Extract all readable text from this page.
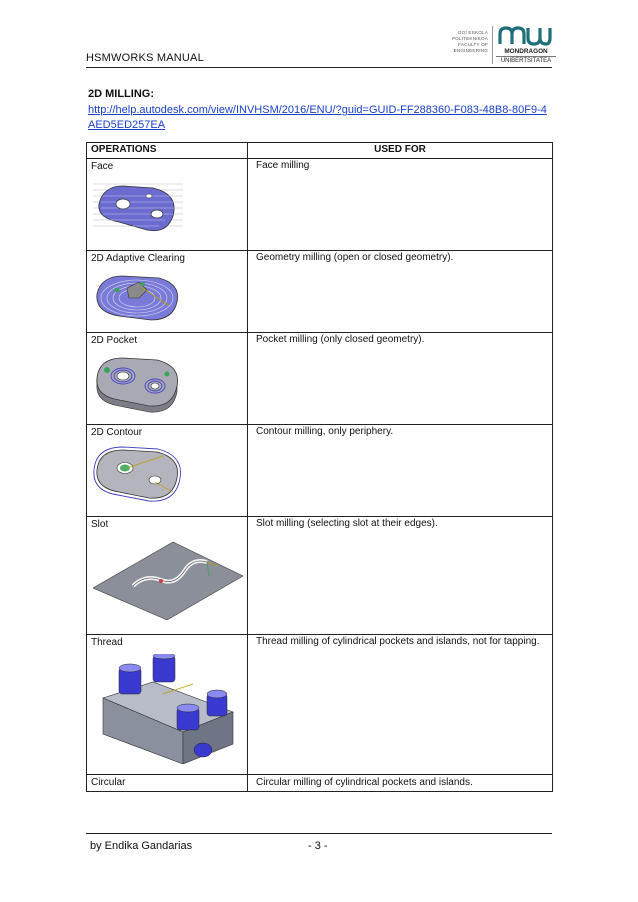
HSMWORKS MANUAL
GOI ESKOLA
POLITEKNIKOA
FACULTY OF
ENGINEERING	MONDRAGON
UNIBERTSITATEA
2D MILLING:
http://help.autodesk.com/view/INVHSM/2016/ENU/?guid=GUID-FF288360-F083-48B8-80F9-4AED5ED257EA
OPERATIONS	USED FOR

Face	Face milling

2D Adaptive Clearing	Geometry milling (open or closed geometry).

2D Pocket	Pocket milling (only closed geometry).

2D Contour	Contour milling, only periphery.

Slot	Slot milling (selecting slot at their edges).

Thread	Thread milling of cylindrical pockets and islands, not for tapping.

Circular	Circular milling of cylindrical pockets and islands.
by Endika Gandarias	- 3 -
